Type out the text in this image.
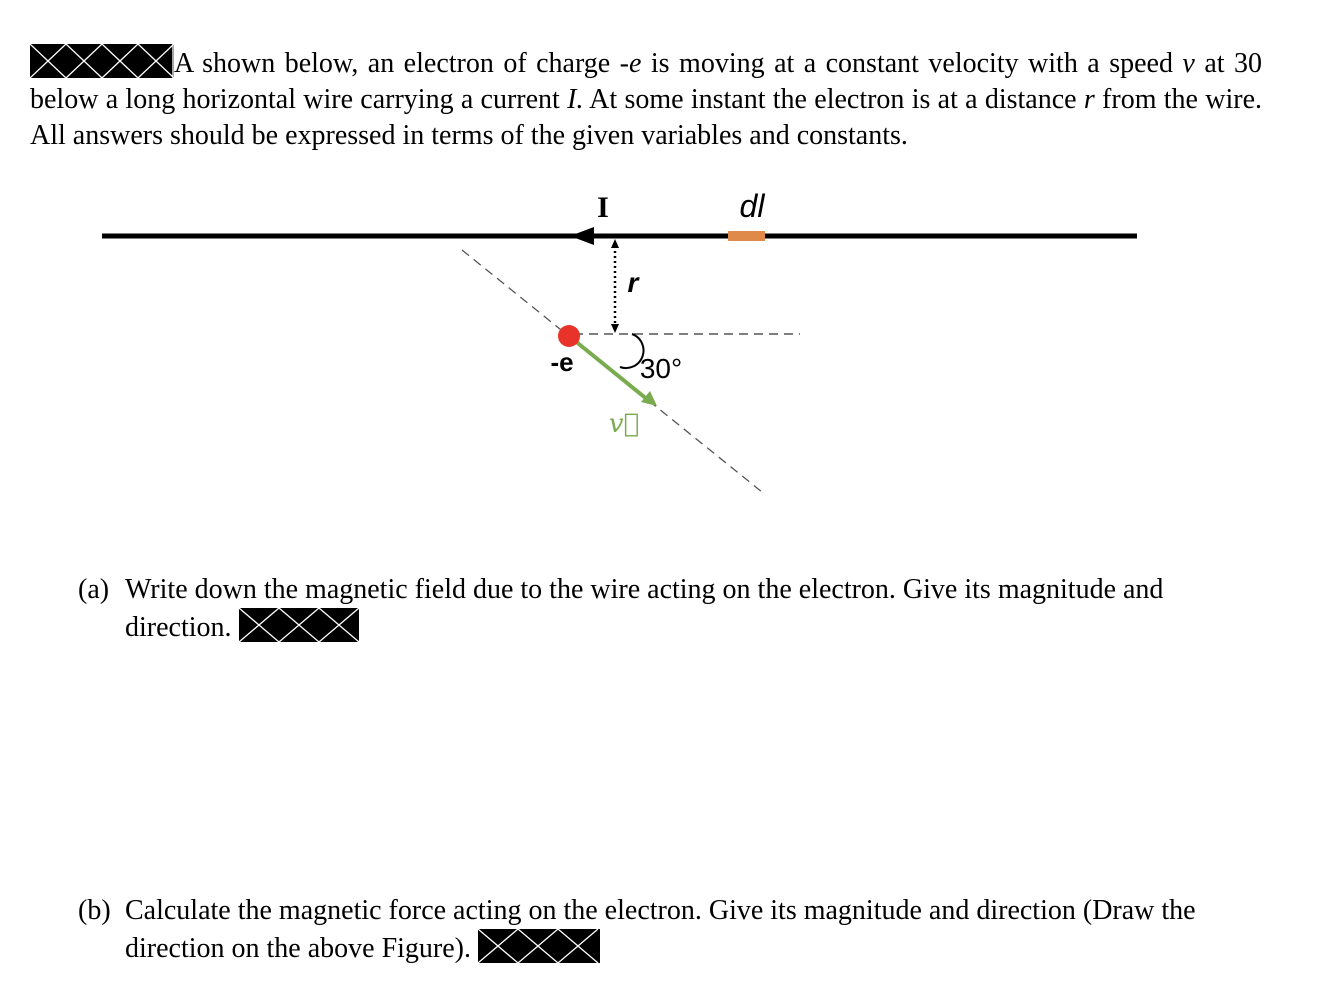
A shown below, an electron of charge -e is moving at a constant velocity with a speed v at 30 below a long horizontal wire carrying a current I. At some instant the electron is at a distance r from the wire. All answers should be expressed in terms of the given variables and constants.

I	dl
r
-e 30°
v⃗
(a) Write down the magnetic field due to the wire acting on the electron. Give its magnitude and
direction.
(b) Calculate the magnetic force acting on the electron. Give its magnitude and direction (Draw the
direction on the above Figure).
